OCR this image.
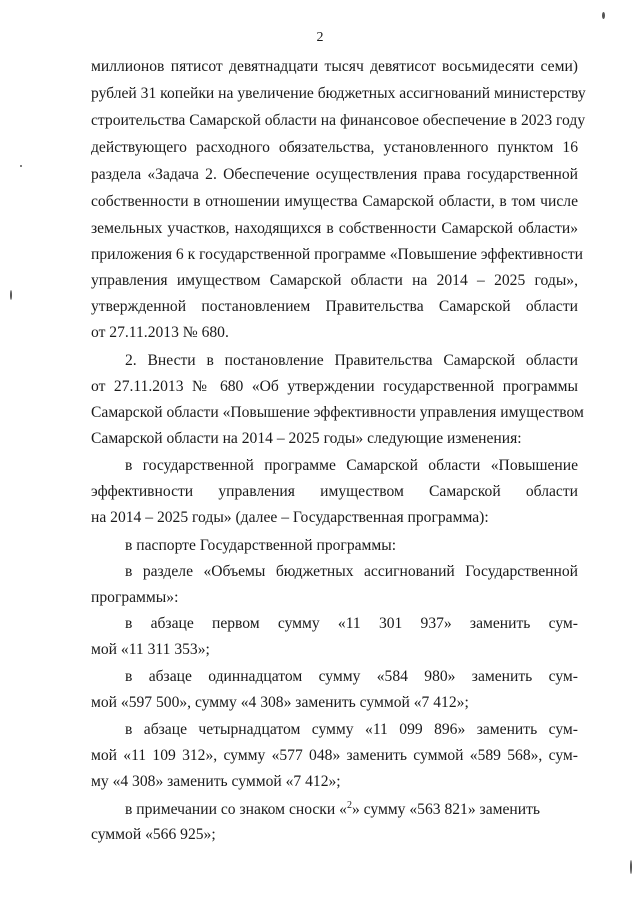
2
миллионов пятисот девятнадцати тысяч девятисот восьмидесяти семи)
рублей 31 копейки на увеличение бюджетных ассигнований министерству
строительства Самарской области на финансовое обеспечение в 2023 году
действующего расходного обязательства, установленного пунктом 16
раздела «Задача 2. Обеспечение осуществления права государственной
собственности в отношении имущества Самарской области, в том числе
земельных участков, находящихся в собственности Самарской области»
приложения 6 к государственной программе «Повышение эффективности
управления имуществом Самарской области на 2014 – 2025 годы»,
утвержденной постановлением Правительства Самарской области
от 27.11.2013 № 680.
2. Внести в постановление Правительства Самарской области
от 27.11.2013 № 680 «Об утверждении государственной программы
Самарской области «Повышение эффективности управления имуществом
Самарской области на 2014 – 2025 годы» следующие изменения:
в государственной программе Самарской области «Повышение
эффективности управления имуществом Самарской области
на 2014 – 2025 годы» (далее – Государственная программа):
в паспорте Государственной программы:
в разделе «Объемы бюджетных ассигнований Государственной
программы»:
в абзаце первом сумму «11 301 937» заменить сум-
мой «11 311 353»;
в абзаце одиннадцатом сумму «584 980» заменить сум-
мой «597 500», сумму «4 308» заменить суммой «7 412»;
в абзаце четырнадцатом сумму «11 099 896» заменить сум-
мой «11 109 312», сумму «577 048» заменить суммой «589 568», сум-
му «4 308» заменить суммой «7 412»;
в примечании со знаком сноски «$^2$» сумму «563 821» заменить
суммой «566 925»;
